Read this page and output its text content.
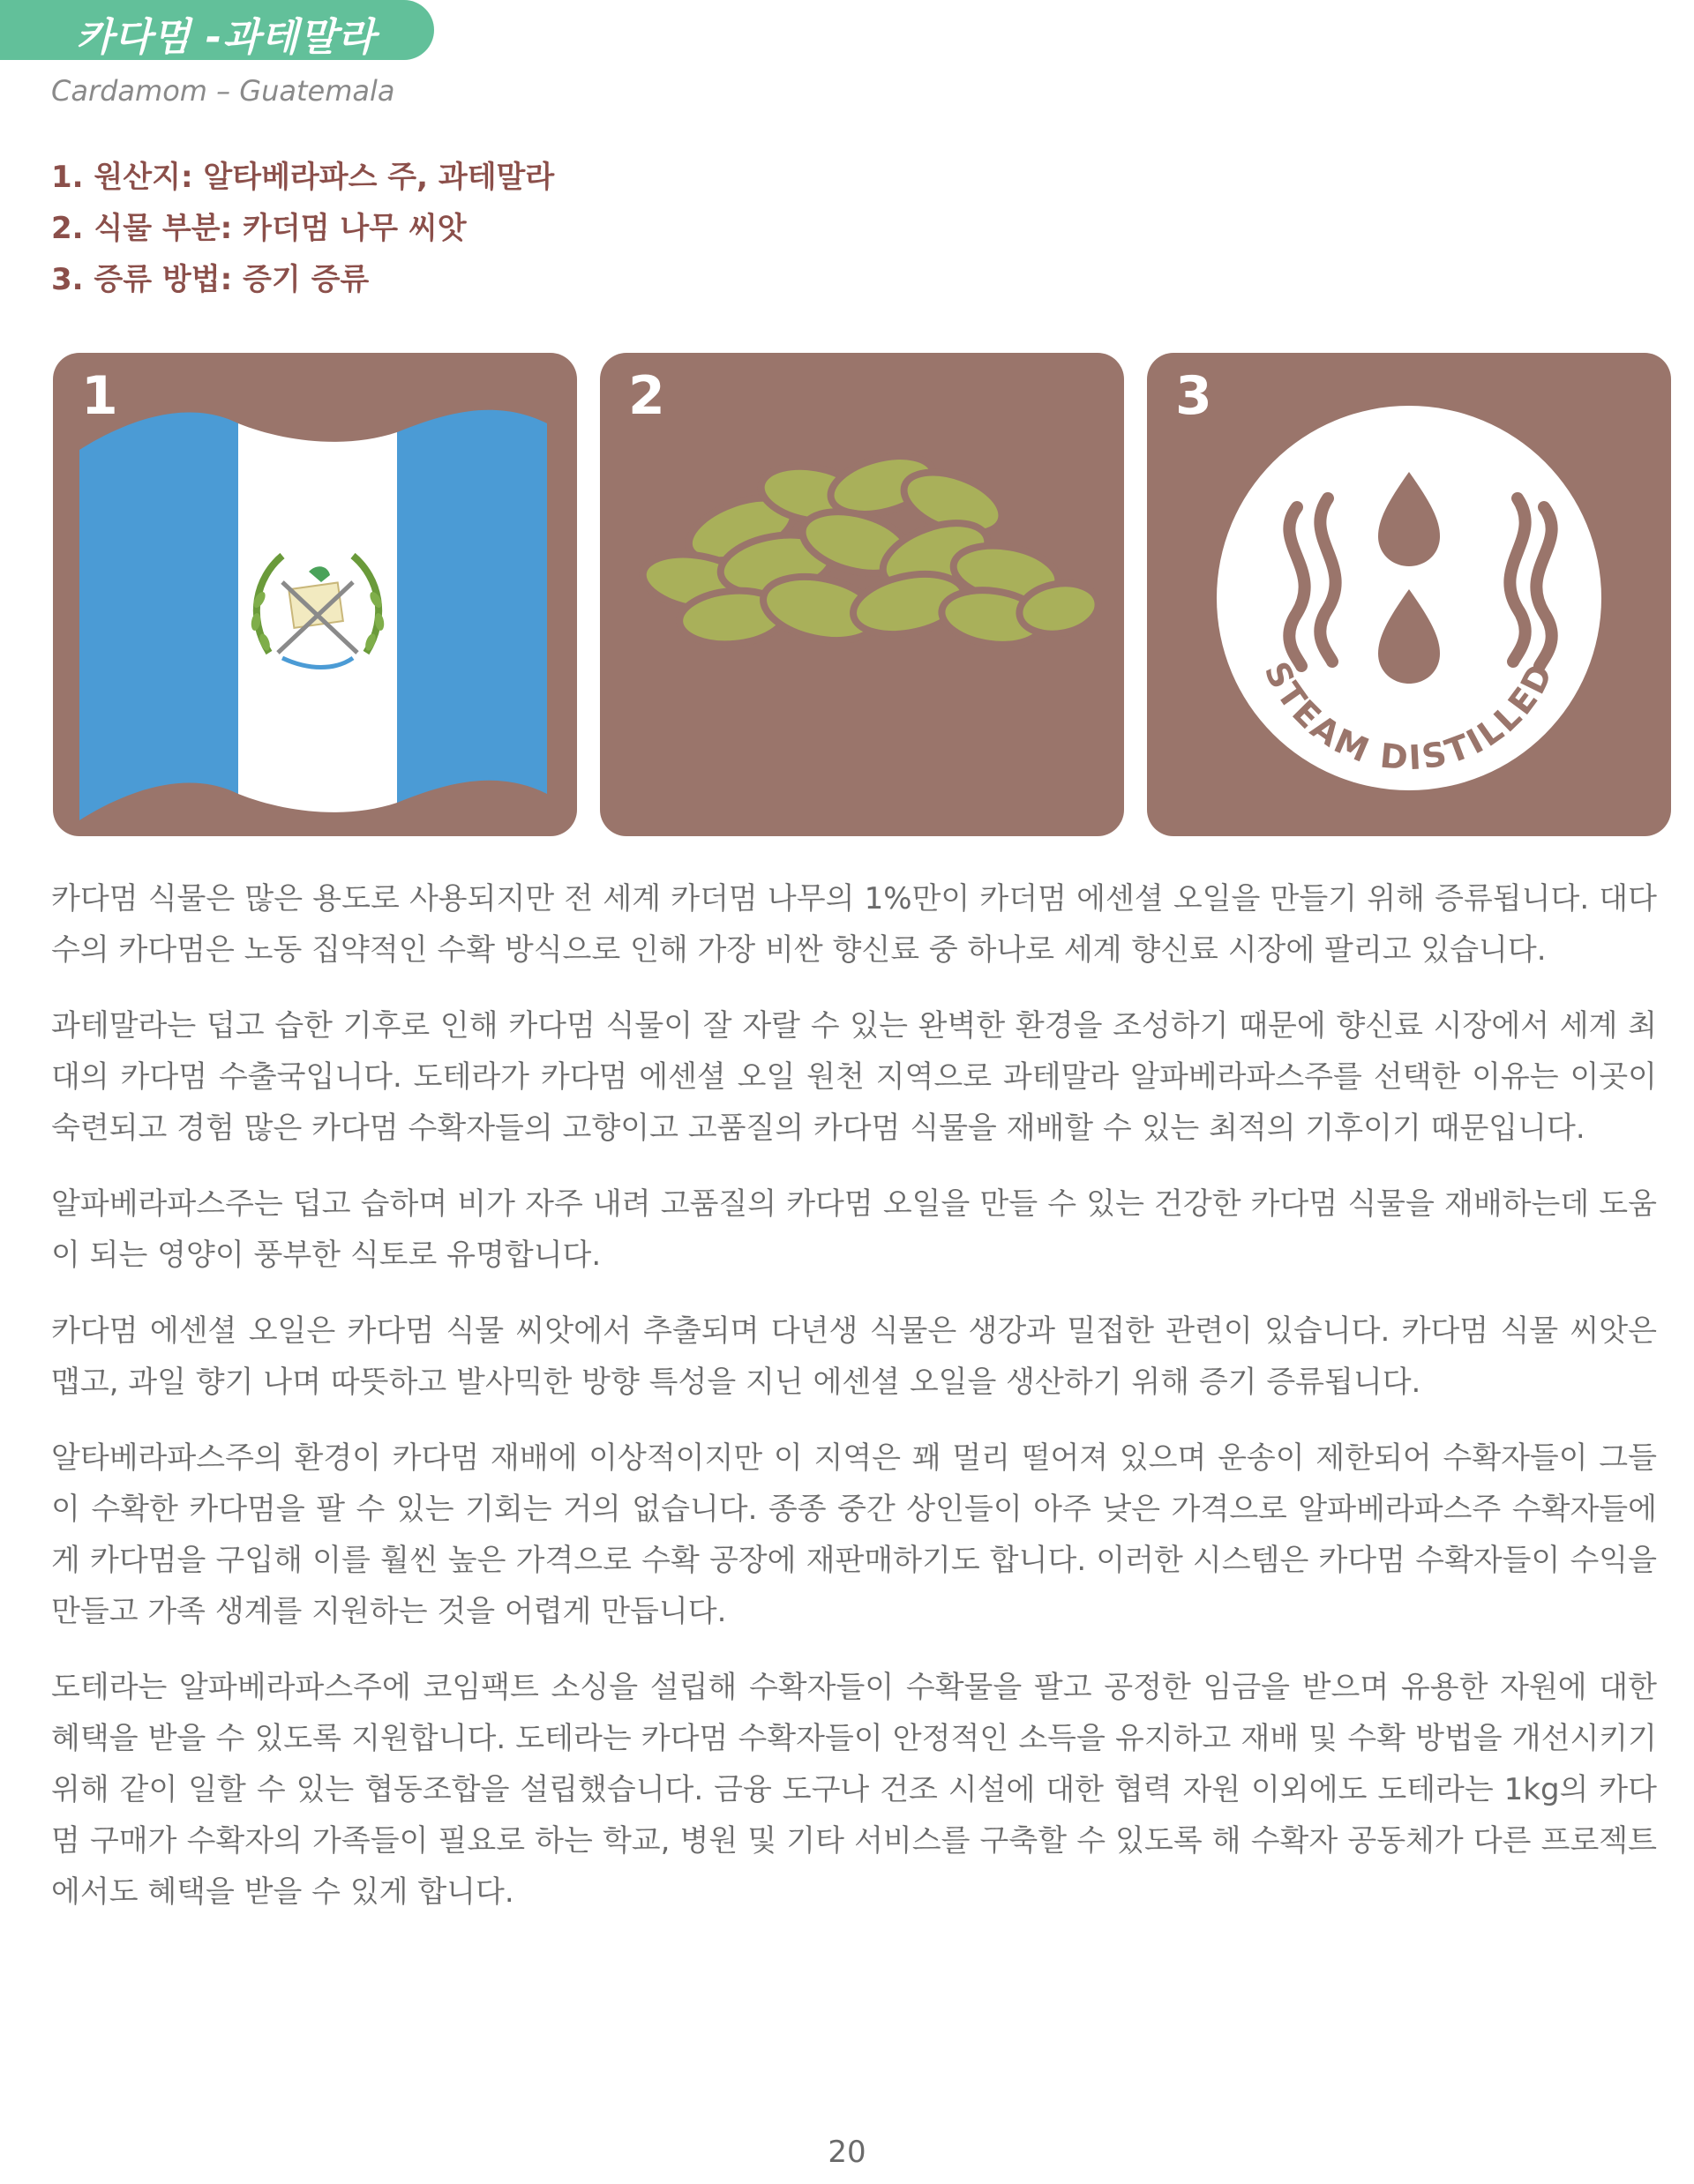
카다멈 -과테말라
Cardamom – Guatemala
1. 원산지: 알타베라파스 주, 과테말라
2. 식물 부분: 카더멈 나무 씨앗
3. 증류 방법: 증기 증류
1	2
STEAM DISTILLED
3

카다멈 식물은 많은 용도로 사용되지만 전 세계 카더멈 나무의 1%만이 카더멈 에센셜 오일을 만들기 위해 증류됩니다. 대다수의 카다멈은 노동 집약적인 수확 방식으로 인해 가장 비싼 향신료 중 하나로 세계 향신료 시장에 팔리고 있습니다.

과테말라는 덥고 습한 기후로 인해 카다멈 식물이 잘 자랄 수 있는 완벽한 환경을 조성하기 때문에 향신료 시장에서 세계 최대의 카다멈 수출국입니다. 도테라가 카다멈 에센셜 오일 원천 지역으로 과테말라 알파베라파스주를 선택한 이유는 이곳이 숙련되고 경험 많은 카다멈 수확자들의 고향이고 고품질의 카다멈 식물을 재배할 수 있는 최적의 기후이기 때문입니다.

알파베라파스주는 덥고 습하며 비가 자주 내려 고품질의 카다멈 오일을 만들 수 있는 건강한 카다멈 식물을 재배하는데 도움이 되는 영양이 풍부한 식토로 유명합니다.

카다멈 에센셜 오일은 카다멈 식물 씨앗에서 추출되며 다년생 식물은 생강과 밀접한 관련이 있습니다. 카다멈 식물 씨앗은 맵고, 과일 향기 나며 따뜻하고 발사믹한 방향 특성을 지닌 에센셜 오일을 생산하기 위해 증기 증류됩니다.

알타베라파스주의 환경이 카다멈 재배에 이상적이지만 이 지역은 꽤 멀리 떨어져 있으며 운송이 제한되어 수확자들이 그들이 수확한 카다멈을 팔 수 있는 기회는 거의 없습니다. 종종 중간 상인들이 아주 낮은 가격으로 알파베라파스주 수확자들에게 카다멈을 구입해 이를 훨씬 높은 가격으로 수확 공장에 재판매하기도 합니다. 이러한 시스템은 카다멈 수확자들이 수익을 만들고 가족 생계를 지원하는 것을 어렵게 만듭니다.

도테라는 알파베라파스주에 코임팩트 소싱을 설립해 수확자들이 수확물을 팔고 공정한 임금을 받으며 유용한 자원에 대한 혜택을 받을 수 있도록 지원합니다. 도테라는 카다멈 수확자들이 안정적인 소득을 유지하고 재배 및 수확 방법을 개선시키기 위해 같이 일할 수 있는 협동조합을 설립했습니다. 금융 도구나 건조 시설에 대한 협력 자원 이외에도 도테라는 1kg의 카다멈 구매가 수확자의 가족들이 필요로 하는 학교, 병원 및 기타 서비스를 구축할 수 있도록 해 수확자 공동체가 다른 프로젝트에서도 혜택을 받을 수 있게 합니다.

20
